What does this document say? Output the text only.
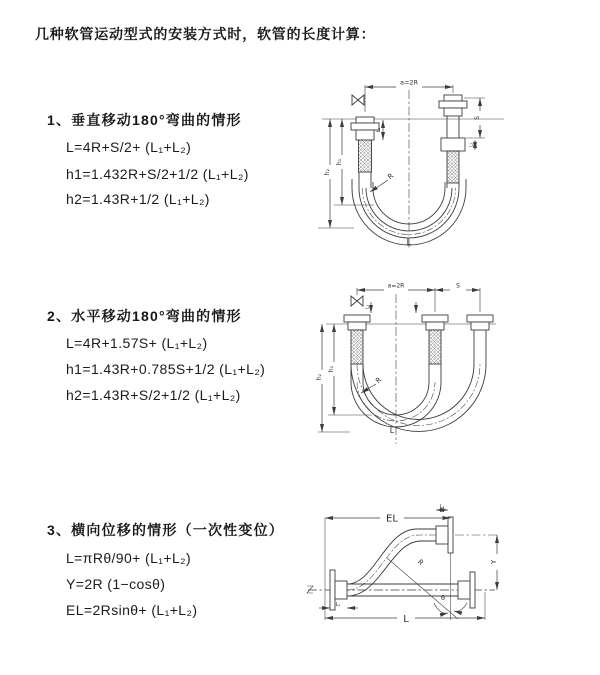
几种软管运动型式的安装方式时，软管的长度计算：
1、垂直移动180°弯曲的情形
L=4R+S/2+ (L₁+L₂)
h1=1.432R+S/2+1/2 (L₁+L₂)
h2=1.43R+1/2 (L₁+L₂)
2、水平移动180°弯曲的情形
L=4R+1.57S+ (L₁+L₂)
h1=1.43R+0.785S+1/2 (L₁+L₂)
h2=1.43R+S/2+1/2 (L₁+L₂)
3、横向位移的情形（一次性变位）
L=πRθ/90+ (L₁+L₂)
Y=2R (1−cosθ)
EL=2Rsinθ+ (L₁+L₂)
a=2R
h₂
h₁
L₁
S
L₂
R
L
a=2R	S
h₂
h₁
L₁
R
L
EL
L
Y
R
θ
L₁
L₁
